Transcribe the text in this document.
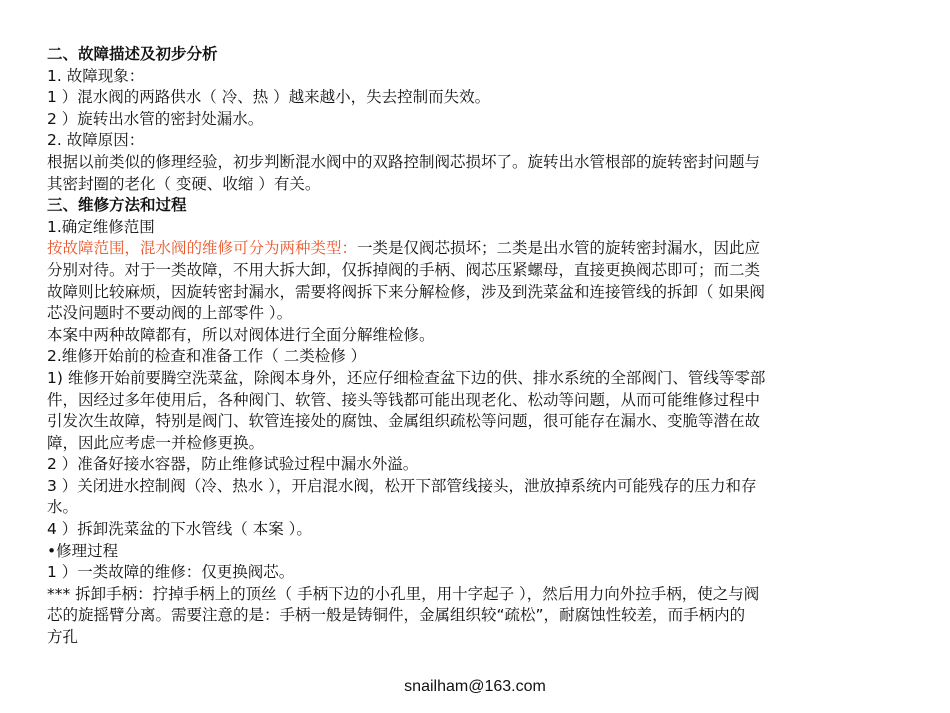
二、故障描述及初步分析
1. 故障现象：
1 ）混水阀的两路供水（ 冷、热 ）越来越小，失去控制而失效。
2 ）旋转出水管的密封处漏水。
2. 故障原因：
根据以前类似的修理经验，初步判断混水阀中的双路控制阀芯损坏了。旋转出水管根部的旋转密封问题与
其密封圈的老化（ 变硬、收缩 ）有关。
三、维修方法和过程
1.确定维修范围
按故障范围，混水阀的维修可分为两种类型：一类是仅阀芯损坏；二类是出水管的旋转密封漏水，因此应
分别对待。对于一类故障，不用大拆大卸，仅拆掉阀的手柄、阀芯压紧螺母，直接更换阀芯即可；而二类
故障则比较麻烦，因旋转密封漏水，需要将阀拆下来分解检修，涉及到洗菜盆和连接管线的拆卸（ 如果阀
芯没问题时不要动阀的上部零件 ）。
本案中两种故障都有，所以对阀体进行全面分解维检修。
2.维修开始前的检查和准备工作（ 二类检修 ）
1) 维修开始前要腾空洗菜盆，除阀本身外，还应仔细检查盆下边的供、排水系统的全部阀门、管线等零部
件，因经过多年使用后，各种阀门、软管、接头等钱都可能出现老化、松动等问题，从而可能维修过程中
引发次生故障，特别是阀门、软管连接处的腐蚀、金属组织疏松等问题，很可能存在漏水、变脆等潜在故
障，因此应考虑一并检修更换。
2 ）准备好接水容器，防止维修试验过程中漏水外溢。
3 ）关闭进水控制阀（冷、热水 ），开启混水阀，松开下部管线接头，泄放掉系统内可能残存的压力和存
水。
4 ）拆卸洗菜盆的下水管线（ 本案 ）。
•修理过程
1 ）一类故障的维修：仅更换阀芯。
*** 拆卸手柄：拧掉手柄上的顶丝（ 手柄下边的小孔里，用十字起子 ），然后用力向外拉手柄，使之与阀
芯的旋摇臂分离。需要注意的是：手柄一般是铸铜件，金属组织较“疏松”，耐腐蚀性较差，而手柄内的
方孔
snailham@163.com
